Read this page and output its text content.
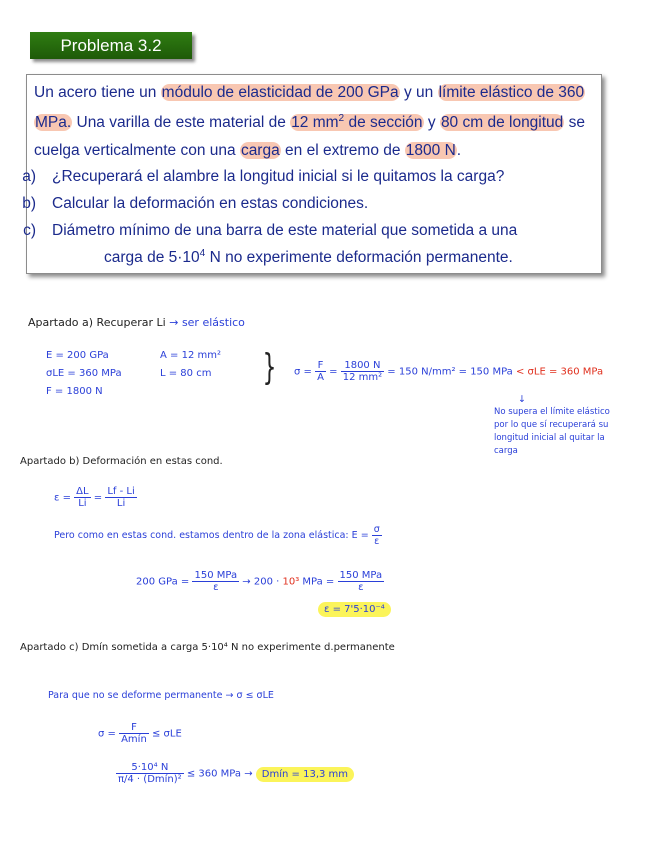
Problema 3.2
Un acero tiene un módulo de elasticidad de 200 GPa y un límite elástico de 360
MPa. Una varilla de este material de 12 $mm^2$ de sección y 80 cm de longitud se
cuelga verticalmente con una carga en el extremo de 1800 N.
a) ¿Recuperará el alambre la longitud inicial si le quitamos la carga?
b) Calcular la deformación en estas condiciones.
c) Diámetro mínimo de una barra de este material que sometida a una
carga de $5\cdot 10^4$ N no experimente deformación permanente.
Apartado a) Recuperar Li → ser elástico
E = 200 GPa
σLE = 360 MPa
F = 1800 N
A = 12 mm²
L = 80 cm } $\sigma = \frac{F}{A} = \frac{1800 N}{\text{12 mm²}} = 150$ N/mm² = 150 MPa < σLE = 360 MPa
↓
No supera el límite elástico
por lo que sí recuperará su
longitud inicial al quitar la
carga
Apartado b) Deformación en estas cond.
$\varepsilon = \frac{\Delta L}{Li} = \frac{Lf - Li}{Li}$
Pero como en estas cond. estamos dentro de la zona elástica: $E = \frac{\sigma}{\varepsilon}$
200 GPa = $\frac{\text{150 MPa}}{\varepsilon} \to 200 \cdot 10^3$ MPa = $\frac{\text{150 MPa}}{\varepsilon}$
ε = 7'5·10⁻⁴
Apartado c) Dmín sometida a carga 5·10⁴ N no experimente d.permanente
Para que no se deforme permanente → σ ≤ σLE
$\sigma = \frac{F}{\text{Amín}} \le \sigma LE$
$\frac{\text{5·10⁴ N}}{\text{π/4 · (Dmín)²}} \le 360$ MPa → Dmín = 13,3 mm
